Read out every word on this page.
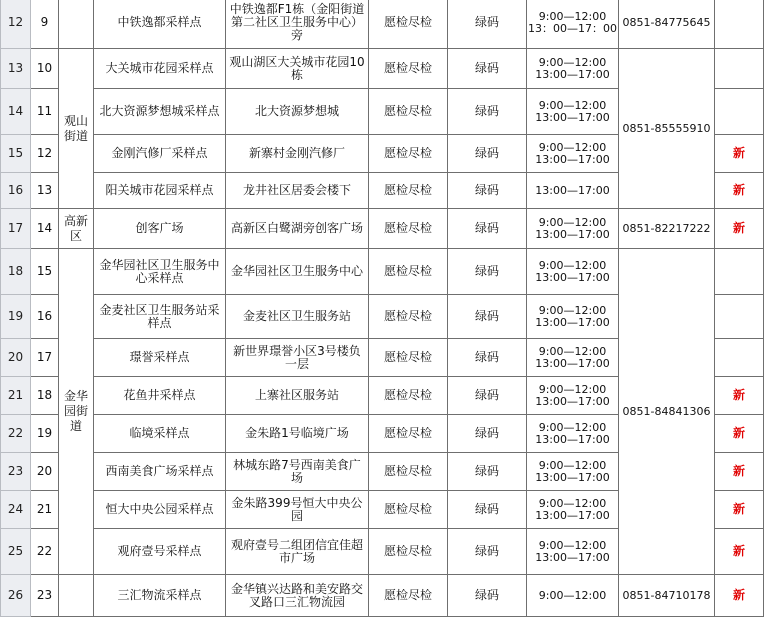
12	9		中铁逸都采样点	中铁逸都F1栋（金阳街道第二社区卫生服务中心）旁	愿检尽检	绿码	9:00—12:00
13：00—17：00	0851-84775645	
13	10	观山街道	大关城市花园采样点	观山湖区大关城市花园10栋	愿检尽检	绿码	9:00—12:00
13:00—17:00	0851-85555910	
14	11		北大资源梦想城采样点	北大资源梦想城	愿检尽检	绿码	9:00—12:00
13:00—17:00		

15	12		金刚汽修厂采样点	新寨村金刚汽修厂	愿检尽检	绿码	9:00—12:00
13:00—17:00		新
16	13		阳关城市花园采样点	龙井社区居委会楼下	愿检尽检	绿码	13:00—17:00		新
17	14	高新区	创客广场	高新区白鹭湖旁创客广场	愿检尽检	绿码	9:00—12:00
13:00—17:00	0851-82217222	新
18	15	金华园街道	金华园社区卫生服务中心采样点	金华园社区卫生服务中心	愿检尽检	绿码	9:00—12:00
13:00—17:00	0851-84841306	
19	16		金麦社区卫生服务站采样点	金麦社区卫生服务站	愿检尽检	绿码	9:00—12:00
13:00—17:00		

20	17		璟誉采样点	新世界璟誉小区3号楼负一层	愿检尽检	绿码	9:00—12:00
13:00—17:00		

21	18		花鱼井采样点	上寨社区服务站	愿检尽检	绿码	9:00—12:00
13:00—17:00		新
22	19		临境采样点	金朱路1号临境广场	愿检尽检	绿码	9:00—12:00
13:00—17:00		新
23	20		西南美食广场采样点	林城东路7号西南美食广场	愿检尽检	绿码	9:00—12:00
13:00—17:00		新
24	21		恒大中央公园采样点	金朱路399号恒大中央公园	愿检尽检	绿码	9:00—12:00
13:00—17:00		新
25	22		观府壹号采样点	观府壹号二组团信宜佳超市广场	愿检尽检	绿码	9:00—12:00
13:00—17:00		新
26	23		三汇物流采样点	金华镇兴达路和美安路交叉路口三汇物流园	愿检尽检	绿码	9:00—12:00	0851-84710178	新
